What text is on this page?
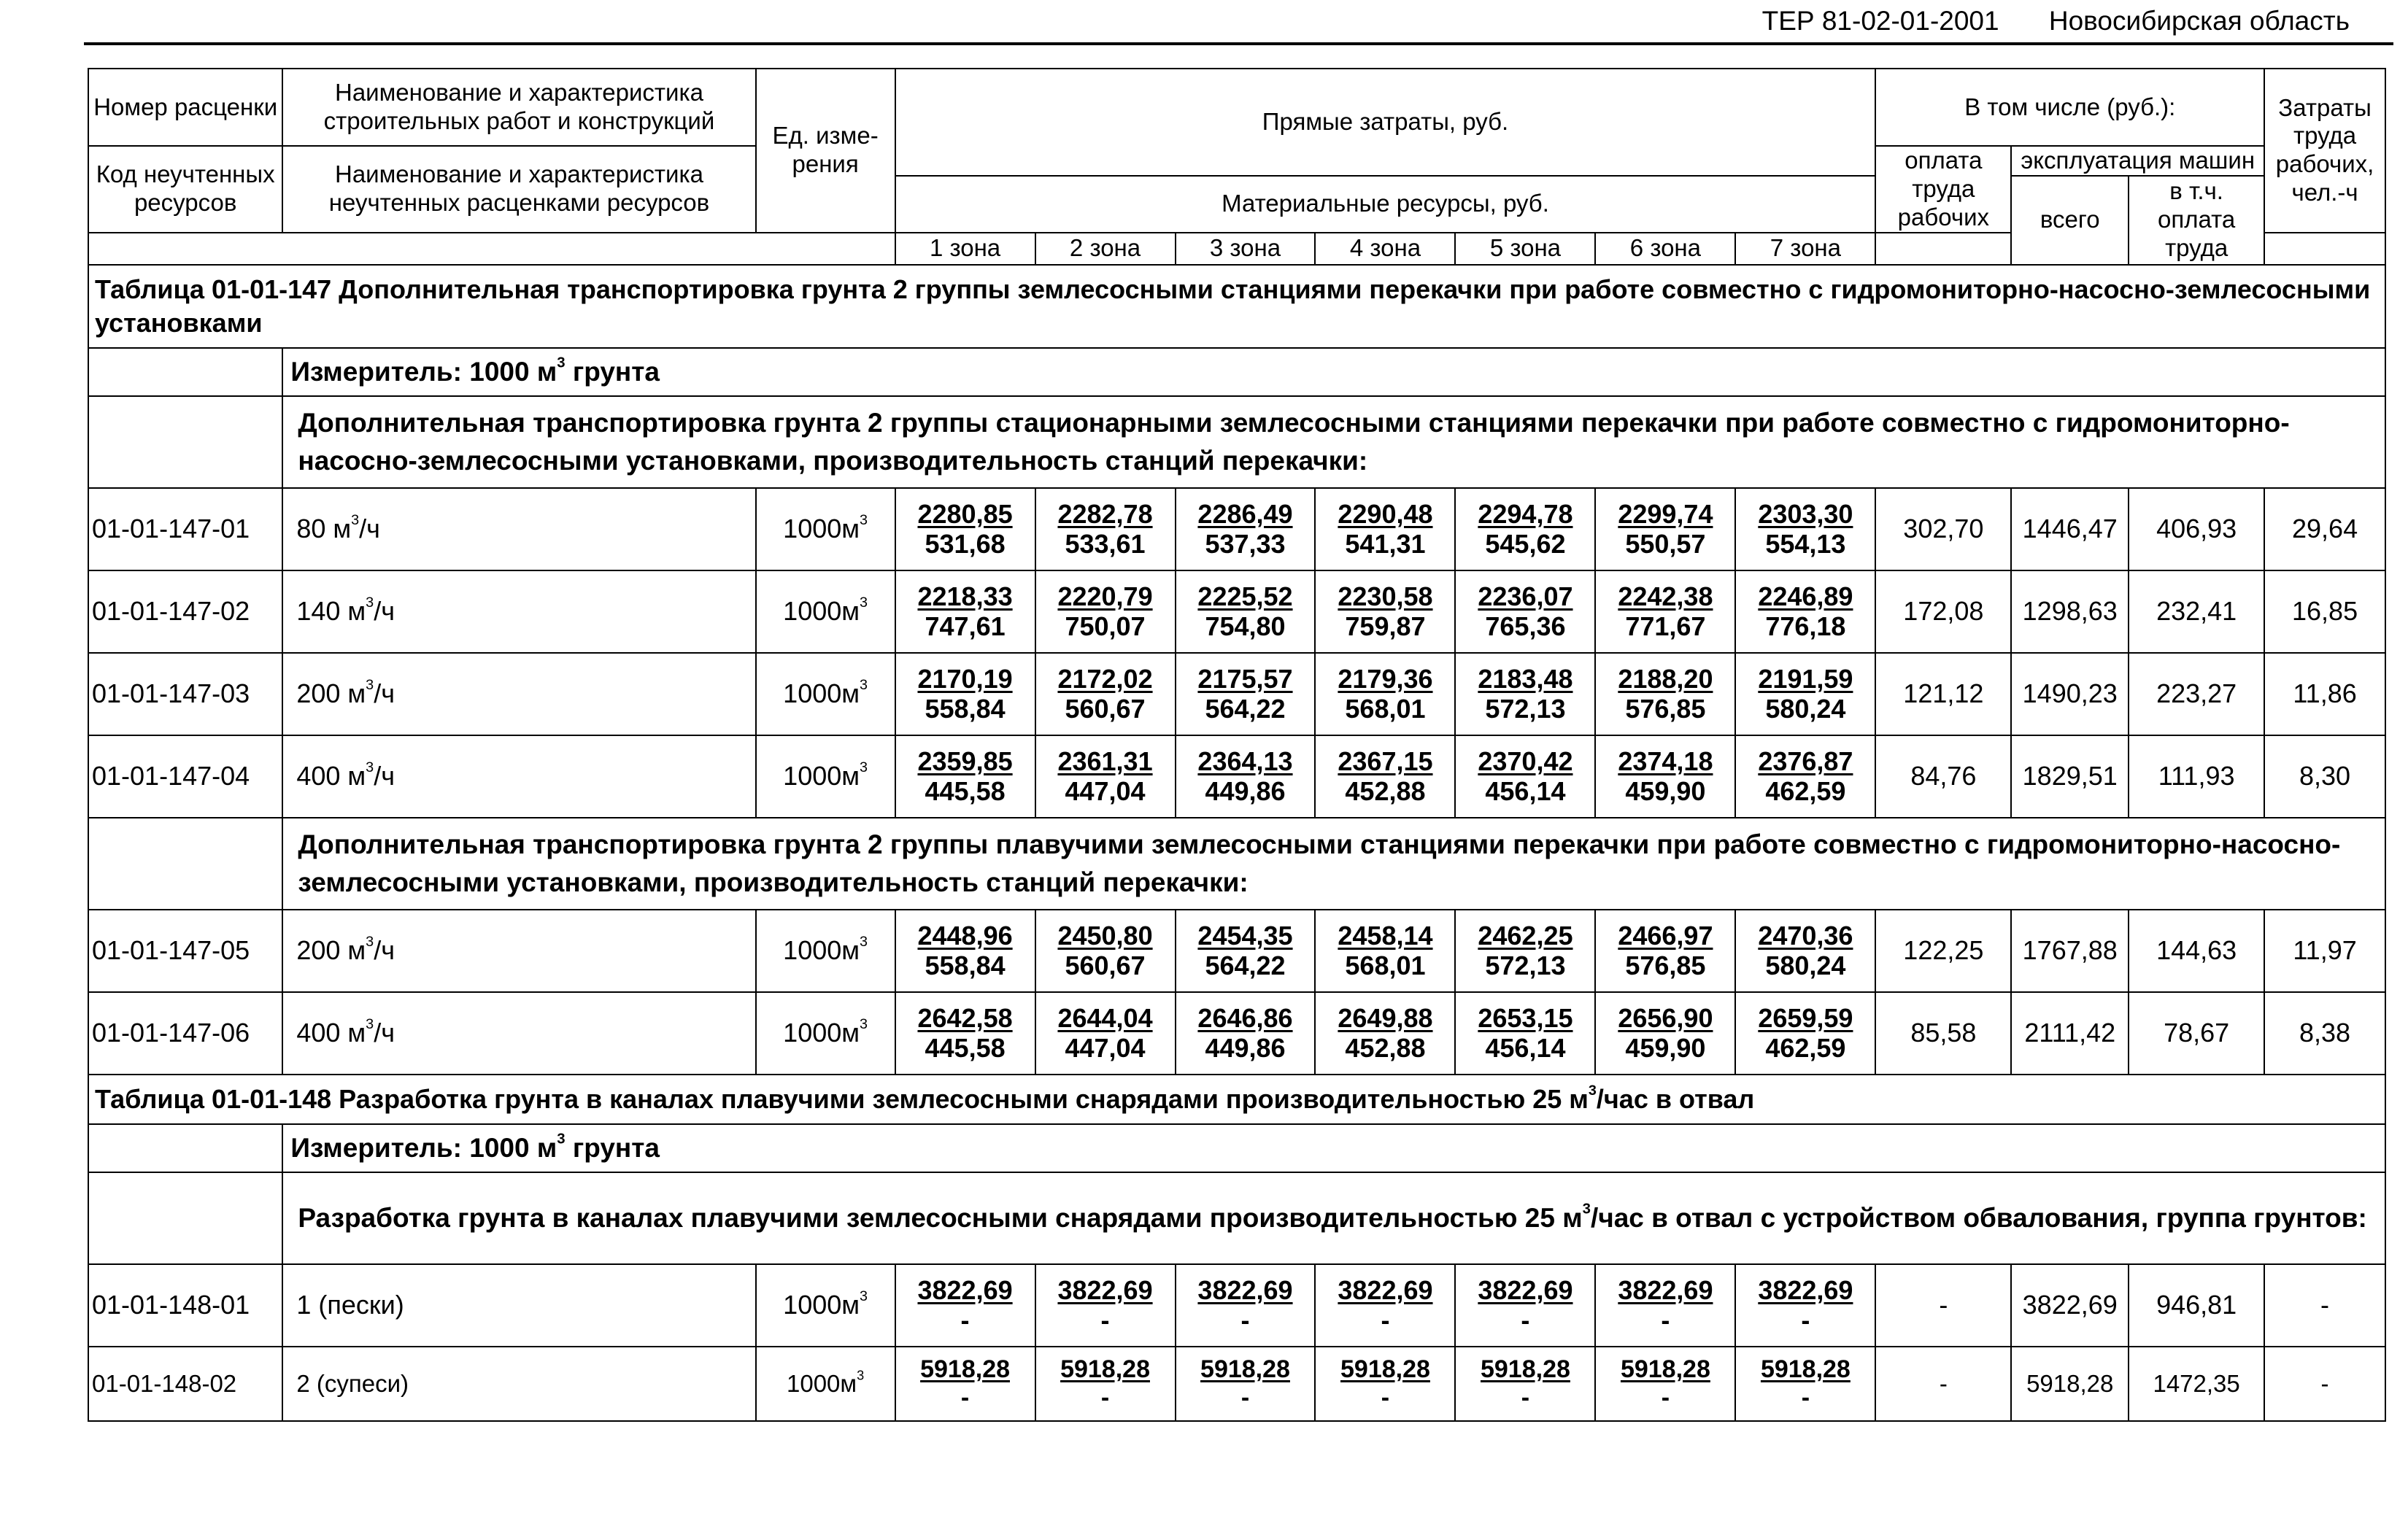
ТЕР 81-02-01-2001 Новосибирская область
Номер расценки	Наименование и характеристика строительных работ и конструкций	Ед. изме-рения	Прямые затраты, руб.							В том числе (руб.):			Затраты труда рабочих, чел.-ч
Код неучтенных ресурсов	Наименование и характеристика неучтенных расценками ресурсов									оплата труда рабочих	эксплуатация машин		
			Материальные ресурсы, руб.								всего	в т.ч. оплата труда	
			1 зона	2 зона	3 зона	4 зона	5 зона	6 зона	7 зона				
Таблица 01-01-147 Дополнительная транспортировка грунта 2 группы землесосными станциями перекачки при работе совместно с гидромониторно-насосно-землесосными установками													
	Измеритель: 1000 $м^3$ грунта												
	Дополнительная транспортировка грунта 2 группы стационарными землесосными станциями перекачки при работе совместно с гидромониторно-насосно-землесосными установками, производительность станций перекачки:												
01-01-147-01	80 $м^3/ч$	$1000м^3$	$\frac{2280,85}{531,68}$	$\frac{2282,78}{533,61}$	$\frac{2286,49}{537,33}$	$\frac{2290,48}{541,31}$	$\frac{2294,78}{545,62}$	$\frac{2299,74}{550,57}$	$\frac{2303,30}{554,13}$	302,70	1446,47	406,93	29,64
01-01-147-02	140 $м^3/ч$	$1000м^3$	$\frac{2218,33}{747,61}$	$\frac{2220,79}{750,07}$	$\frac{2225,52}{754,80}$	$\frac{2230,58}{759,87}$	$\frac{2236,07}{765,36}$	$\frac{2242,38}{771,67}$	$\frac{2246,89}{776,18}$	172,08	1298,63	232,41	16,85
01-01-147-03	200 $м^3/ч$	$1000м^3$	$\frac{2170,19}{558,84}$	$\frac{2172,02}{560,67}$	$\frac{2175,57}{564,22}$	$\frac{2179,36}{568,01}$	$\frac{2183,48}{572,13}$	$\frac{2188,20}{576,85}$	$\frac{2191,59}{580,24}$	121,12	1490,23	223,27	11,86
01-01-147-04	400 $м^3/ч$	$1000м^3$	$\frac{2359,85}{445,58}$	$\frac{2361,31}{447,04}$	$\frac{2364,13}{449,86}$	$\frac{2367,15}{452,88}$	$\frac{2370,42}{456,14}$	$\frac{2374,18}{459,90}$	$\frac{2376,87}{462,59}$	84,76	1829,51	111,93	8,30
	Дополнительная транспортировка грунта 2 группы плавучими землесосными станциями перекачки при работе совместно с гидромониторно-насосно-землесосными установками, производительность станций перекачки:												
01-01-147-05	200 $м^3/ч$	$1000м^3$	$\frac{2448,96}{558,84}$	$\frac{2450,80}{560,67}$	$\frac{2454,35}{564,22}$	$\frac{2458,14}{568,01}$	$\frac{2462,25}{572,13}$	$\frac{2466,97}{576,85}$	$\frac{2470,36}{580,24}$	122,25	1767,88	144,63	11,97
01-01-147-06	400 $м^3/ч$	$1000м^3$	$\frac{2642,58}{445,58}$	$\frac{2644,04}{447,04}$	$\frac{2646,86}{449,86}$	$\frac{2649,88}{452,88}$	$\frac{2653,15}{456,14}$	$\frac{2656,90}{459,90}$	$\frac{2659,59}{462,59}$	85,58	2111,42	78,67	8,38
Таблица 01-01-148 Разработка грунта в каналах плавучими землесосными снарядами производительностью 25 $м^3$/час в отвал													
	Измеритель: 1000 $м^3$ грунта												
	Разработка грунта в каналах плавучими землесосными снарядами производительностью 25 $м^3$/час в отвал с устройством обвалования, группа грунтов:												
01-01-148-01	1 (пески)	$1000м^3$	$\frac{3822,69}{-}$	$\frac{3822,69}{-}$	$\frac{3822,69}{-}$	$\frac{3822,69}{-}$	$\frac{3822,69}{-}$	$\frac{3822,69}{-}$	$\frac{3822,69}{-}$	-	3822,69	946,81	-
01-01-148-02	2 (супеси)	$1000м^3$	$\frac{5918,28}{-}$	$\frac{5918,28}{-}$	$\frac{5918,28}{-}$	$\frac{5918,28}{-}$	$\frac{5918,28}{-}$	$\frac{5918,28}{-}$	$\frac{5918,28}{-}$	-	5918,28	1472,35	-
